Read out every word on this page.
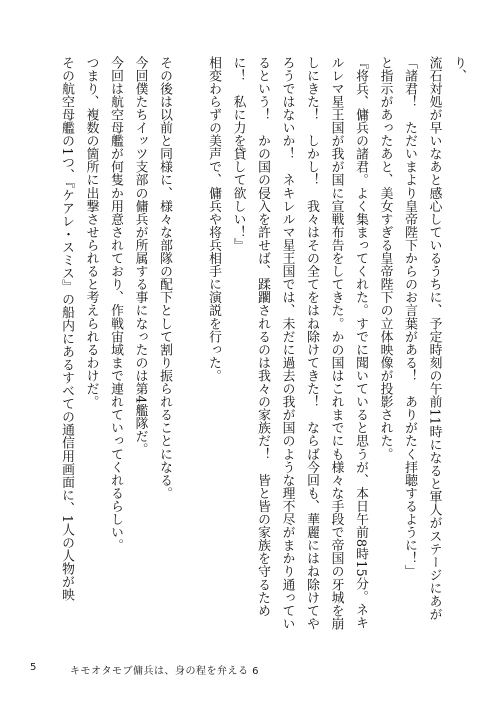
り、
流石対処が早いなあと感心しているうちに、予定時刻の午前11時になると軍人がステージにあが
「諸君！　ただいまより皇帝陛下からのお言葉がある！　ありがたく拝聴するように！」
と指示があったあと、美女すぎる皇帝陛下の立体映像が投影された。
『将兵、傭兵の諸君。よく集まってくれた。すでに聞いていると思うが、本日午前8時15分。ネキ
ルレマ星王国が我が国に宣戦布告をしてきた。かの国はこれまでにも様々な手段で帝国の牙城を崩
しにきた！　しかし！　我々はその全てをはね除けてきた！　ならば今回も、華麗にはね除けてや
ろうではないか！　ネキレルマ星王国では、未だに過去の我が国のような理不尽がまかり通ってい
るという！　かの国の侵入を許せば、蹂躙されるのは我々の家族だ！　皆と皆の家族を守るため
に！　私に力を貸して欲しい！』
相変わらずの美声で、傭兵や将兵相手に演説を行った。

その後は以前と同様に、様々な部隊の配下として割り振られることになる。
今回僕たちイッツ支部の傭兵が所属する事になったのは第4艦隊だ。
今回は航空母艦が何隻か用意されており、作戦宙域まで連れていってくれるらしい。
つまり、複数の箇所に出撃させられると考えられるわけだ。
その航空母艦の1つ、『ケアレ・スミス』の船内にあるすべての通信用画面に、1人の人物が映
5	キモオタモブ傭兵は、身の程を弁える 6
